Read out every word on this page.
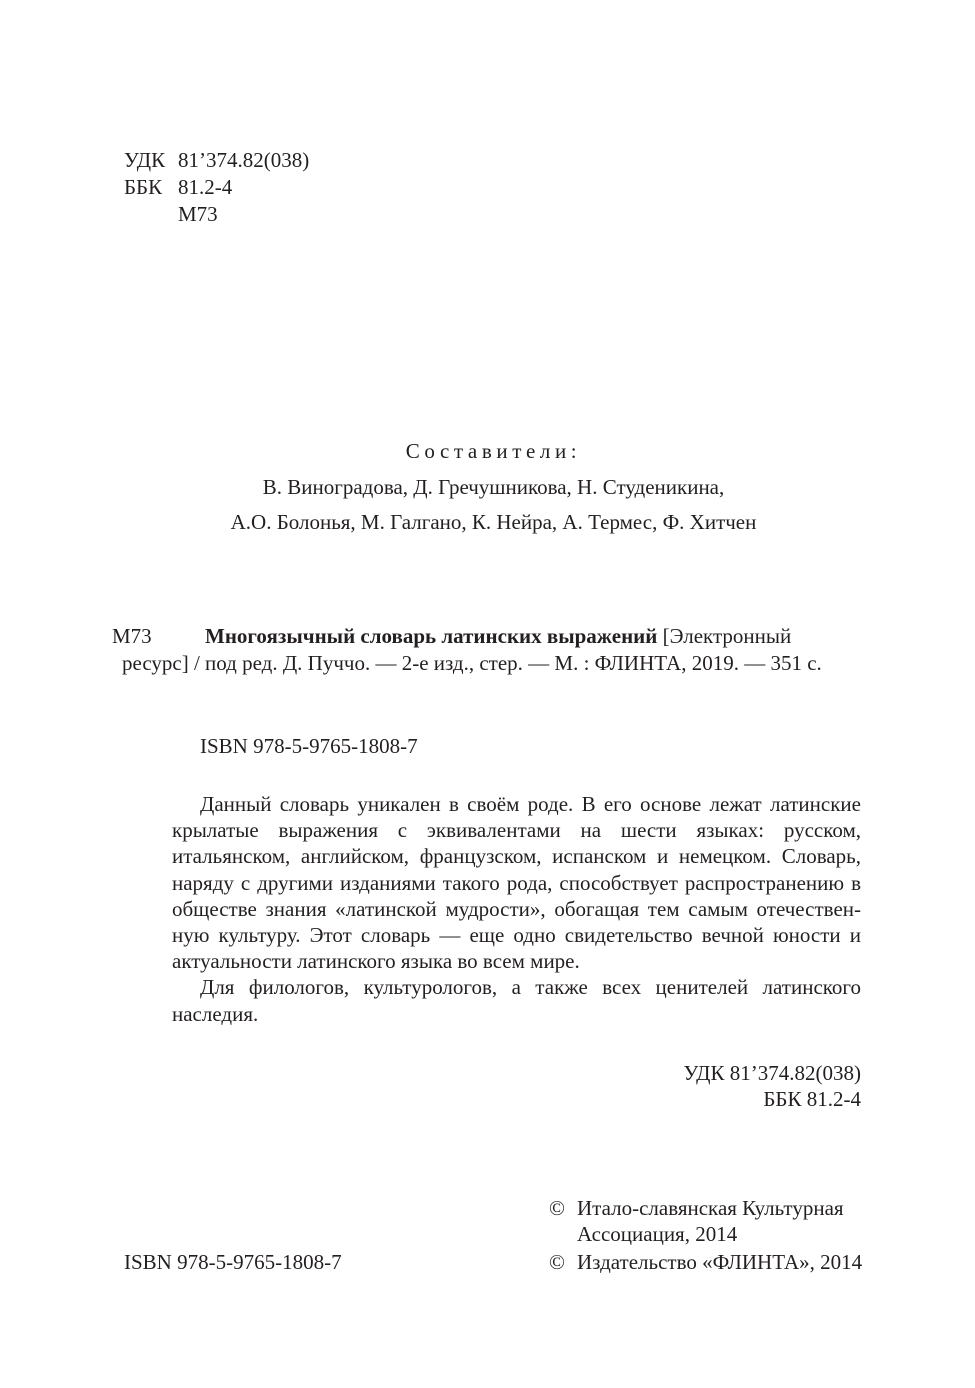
УДК 81’374.82(038)
ББК 81.2-4
М73
Составители:
В. Виноградова, Д. Гречушникова, Н. Студеникина,
А.О. Болонья, М. Галгано, К. Нейра, А. Термес, Ф. Хитчен
М73	Многоязычный словарь латинских выражений [Электронный
ресурс] / под ред. Д. Пуччо. — 2-е изд., стер. — М. : ФЛИНТА, 2019. — 351 с.
ISBN 978-5-9765-1808-7

Данный словарь уникален в своём роде. В его основе лежат латинские крылатые выражения с эквивалентами на шести языках: русском, итальянском, английском, французском, испанском и немецком. Словарь, наряду с другими изданиями такого рода, способствует распространению в обществе знания «латинской мудрости», обогащая тем самым отечествен-ную культуру. Этот словарь — еще одно свидетельство вечной юности и актуальности латинского языка во всем мире.

Для филологов, культурологов, а также всех ценителей латинского наследия.

УДК 81’374.82(038)
ББК 81.2-4
© Итало-славянская Культурная
Ассоциация, 2014
© Издательство «ФЛИНТА», 2014
ISBN 978-5-9765-1808-7
